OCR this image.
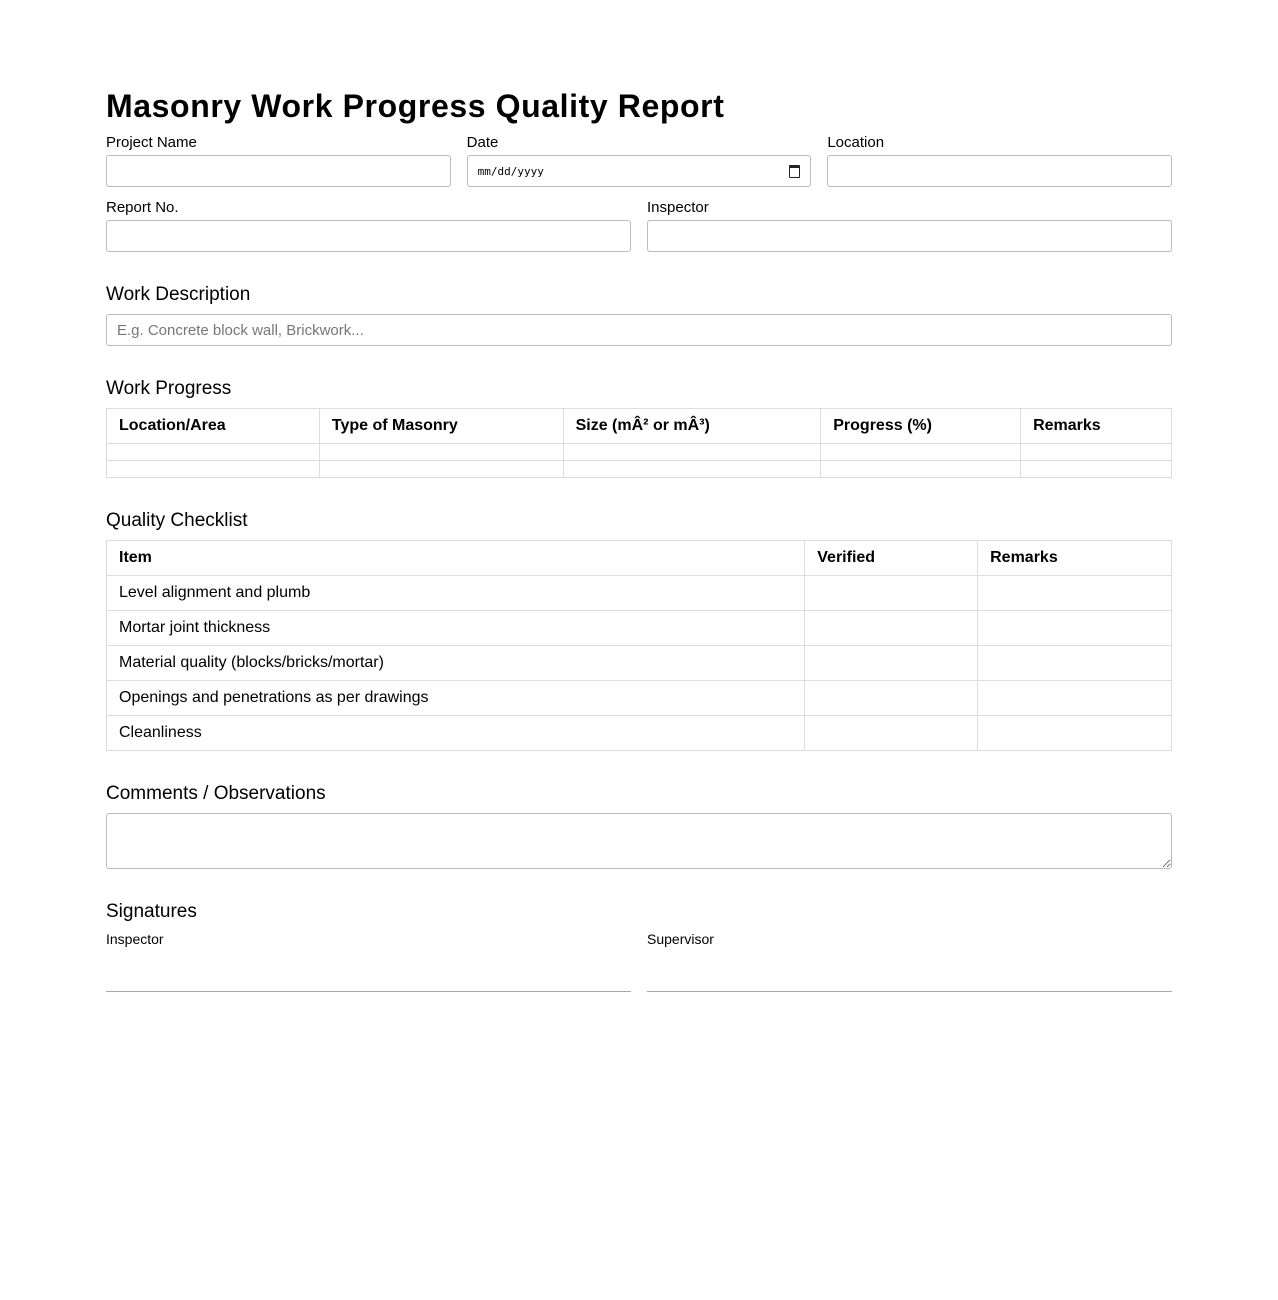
Masonry Work Progress Quality Report
Project Name	Date
mm/dd/yyyy
Location
Report No.	Inspector
Work Description
E.g. Concrete block wall, Brickwork...
Work Progress
Location/Area	Type of Masonry	Size (mÂ² or mÂ³)	Progress (%)	Remarks

Quality Checklist
Item	Verified	Remarks
Level alignment and plumb		
Mortar joint thickness		
Material quality (blocks/bricks/mortar)		
Openings and penetrations as per drawings		
Cleanliness		
Comments / Observations
Signatures
Inspector	Supervisor
